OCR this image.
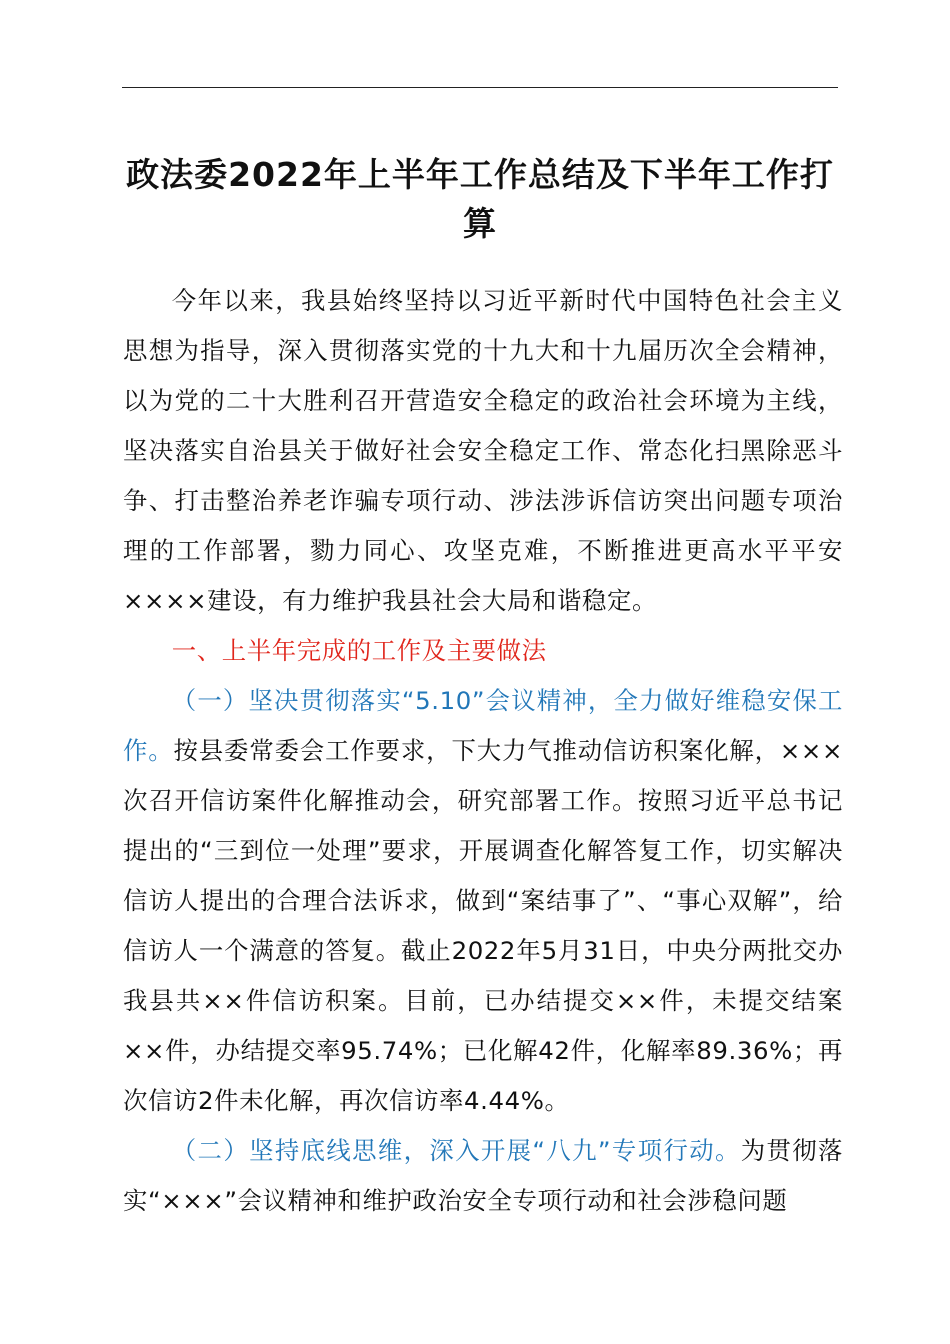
政法委2022年上半年工作总结及下半年工作打算

今年以来，我县始终坚持以习近平新时代中国特色社会主义思想为指导，深入贯彻落实党的十九大和十九届历次全会精神，以为党的二十大胜利召开营造安全稳定的政治社会环境为主线，坚决落实自治县关于做好社会安全稳定工作、常态化扫黑除恶斗争、打击整治养老诈骗专项行动、涉法涉诉信访突出问题专项治理的工作部署，勠力同心、攻坚克难，不断推进更高水平平安××××建设，有力维护我县社会大局和谐稳定。

一、上半年完成的工作及主要做法

（一）坚决贯彻落实“5.10”会议精神，全力做好维稳安保工作。按县委常委会工作要求，下大力气推动信访积案化解，×××次召开信访案件化解推动会，研究部署工作。按照习近平总书记提出的“三到位一处理”要求，开展调查化解答复工作，切实解决信访人提出的合理合法诉求，做到“案结事了”、“事心双解”，给信访人一个满意的答复。截止2022年5月31日，中央分两批交办我县共××件信访积案。目前，已办结提交××件，未提交结案××件，办结提交率95.74%；已化解42件，化解率89.36%；再次信访2件未化解，再次信访率4.44%。

（二）坚持底线思维，深入开展“八九”专项行动。为贯彻落实“×××”会议精神和维护政治安全专项行动和社会涉稳问题
